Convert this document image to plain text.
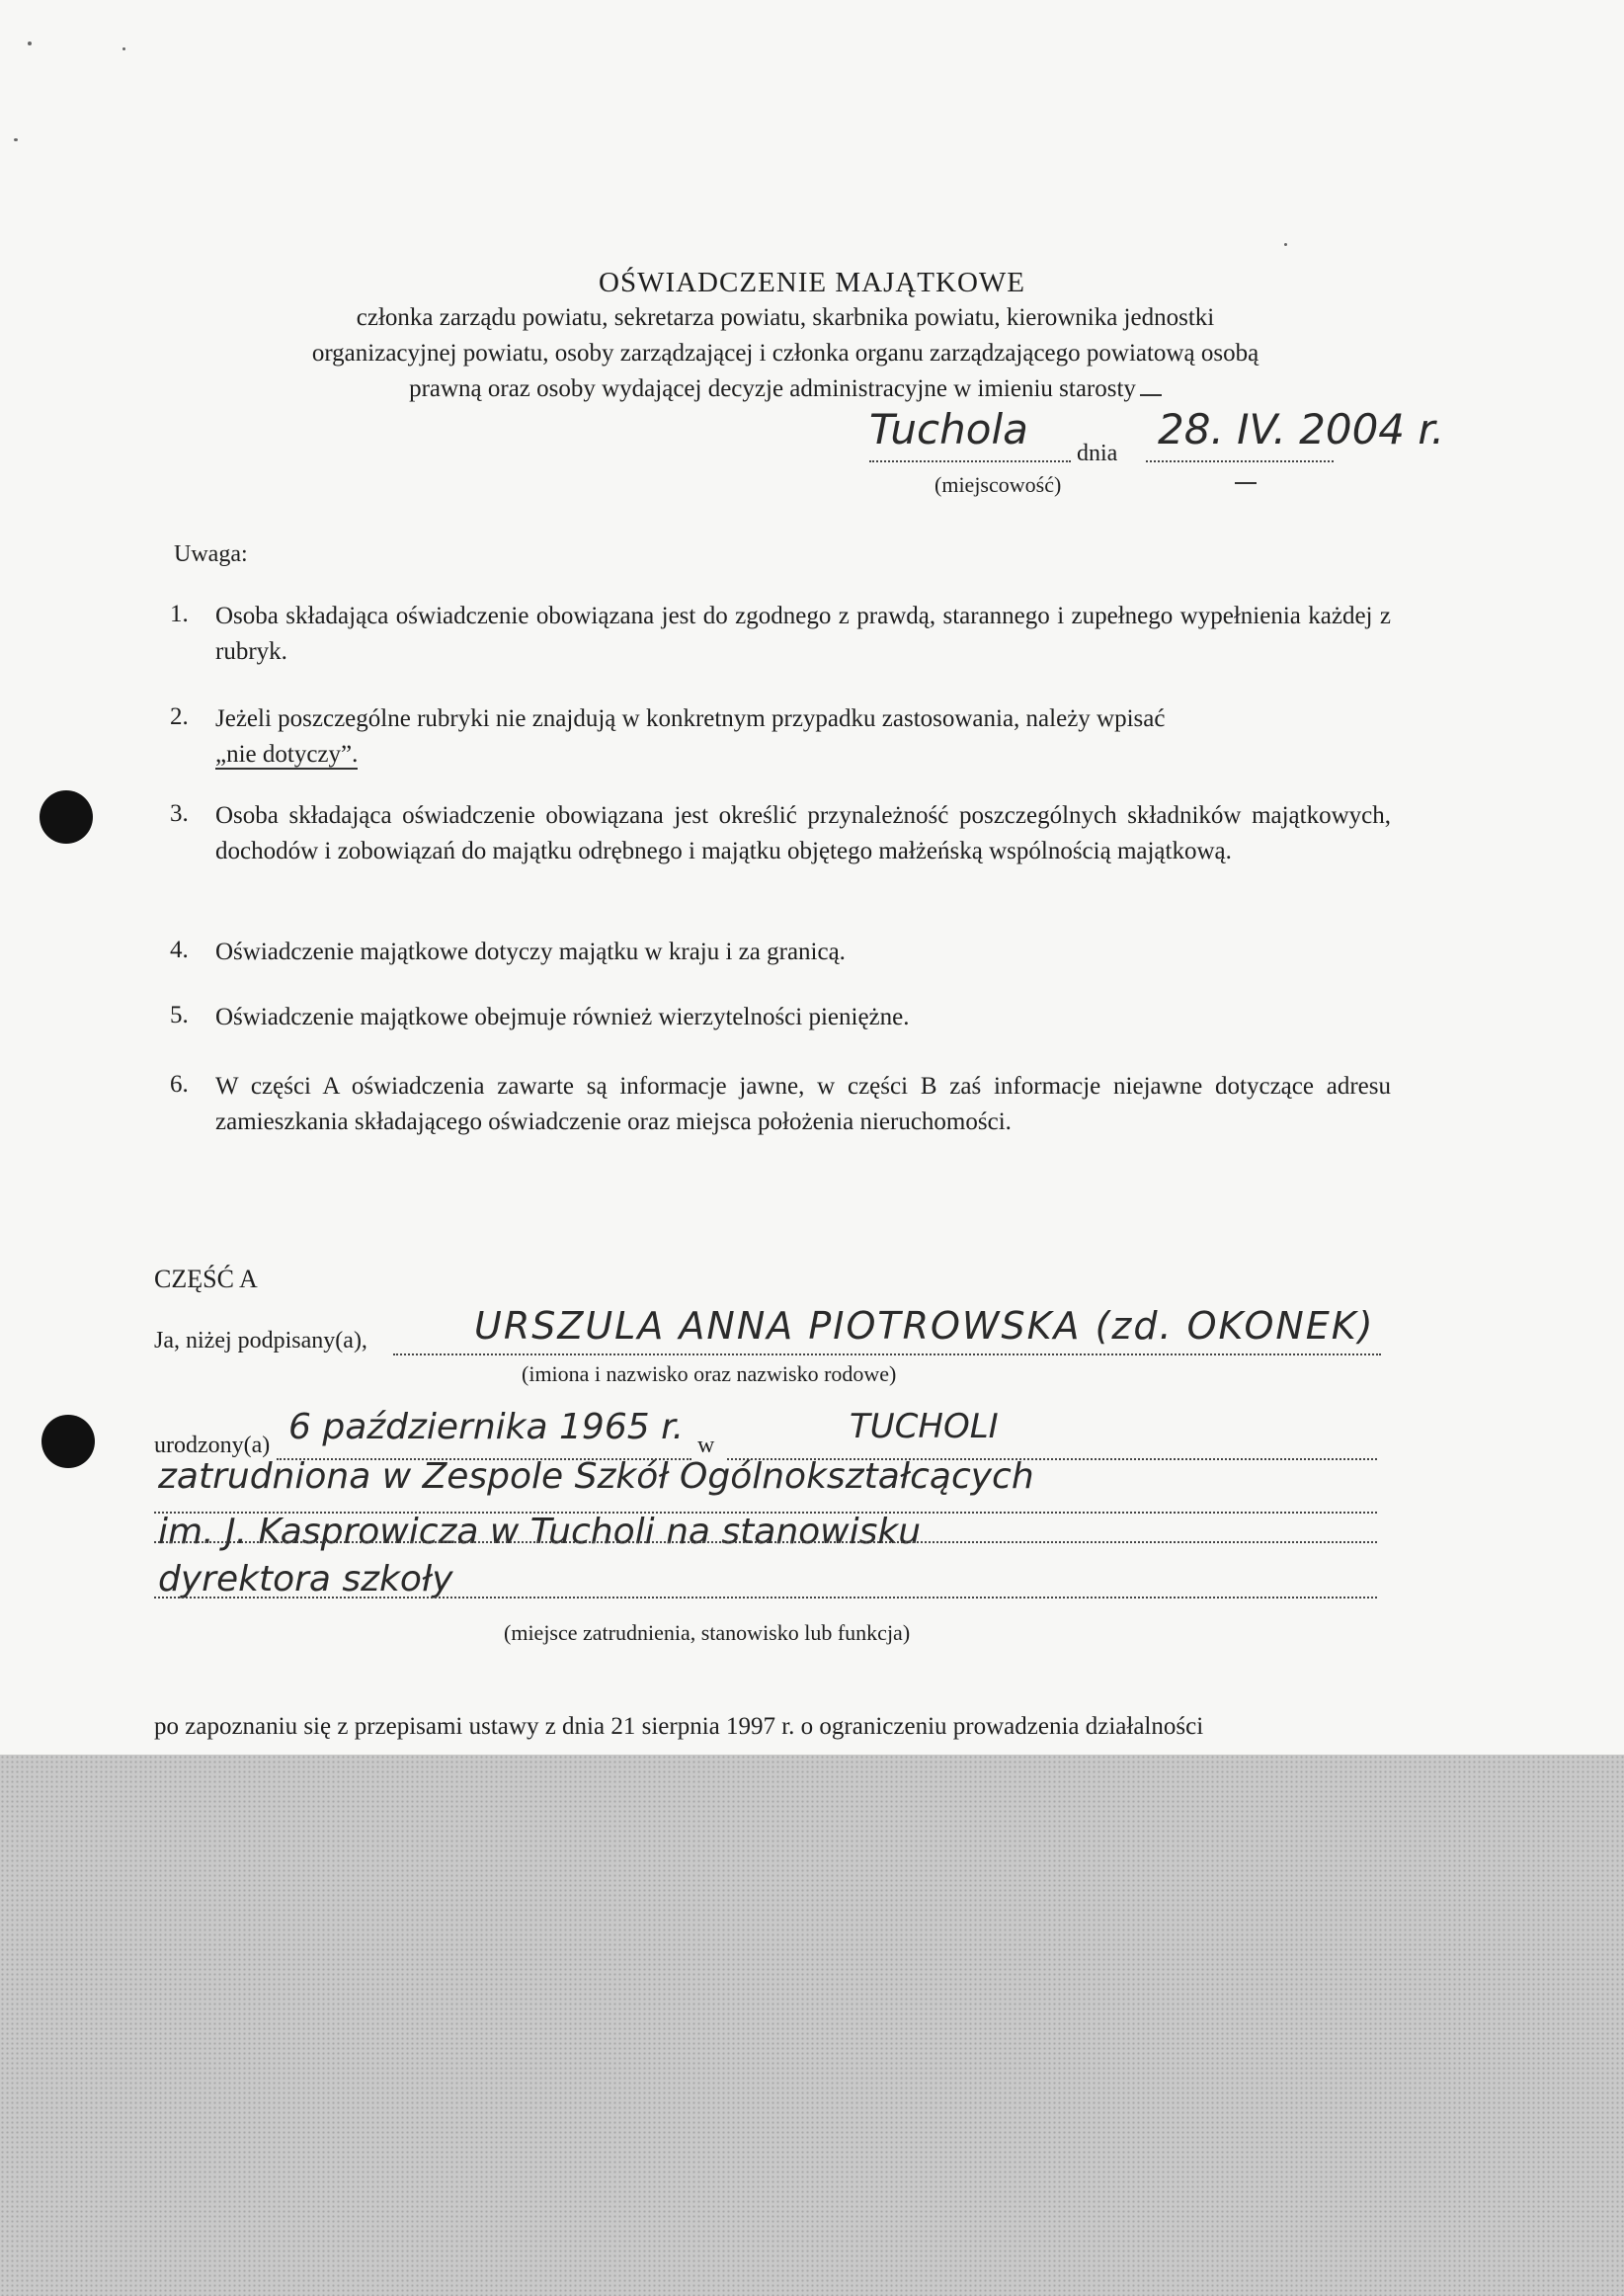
OŚWIADCZENIE MAJĄTKOWE
członka zarządu powiatu, sekretarza powiatu, skarbnika powiatu, kierownika jednostki
organizacyjnej powiatu, osoby zarządzającej i członka organu zarządzającego powiatową osobą
prawną oraz osoby wydającej decyzje administracyjne w imieniu starosty
Tuchola dnia 28. IV. 2004 r.
(miejscowość)
Uwaga:
1. Osoba składająca oświadczenie obowiązana jest do zgodnego z prawdą, starannego i zupełnego wypełnienia każdej z rubryk.
2. Jeżeli poszczególne rubryki nie znajdują w konkretnym przypadku zastosowania, należy wpisać
„nie dotyczy”.
3. Osoba składająca oświadczenie obowiązana jest określić przynależność poszczególnych składników majątkowych, dochodów i zobowiązań do majątku odrębnego i majątku objętego małżeńską wspólnością majątkową.
4. Oświadczenie majątkowe dotyczy majątku w kraju i za granicą.
5. Oświadczenie majątkowe obejmuje również wierzytelności pieniężne.
6. W części A oświadczenia zawarte są informacje jawne, w części B zaś informacje niejawne dotyczące adresu zamieszkania składającego oświadczenie oraz miejsca położenia nieruchomości.
CZĘŚĆ A
Ja, niżej podpisany(a),	URSZULA ANNA PIOTROWSKA (zd. OKONEK)
(imiona i nazwisko oraz nazwisko rodowe)
urodzony(a) 6 października 1965 r. w	TUCHOLI
zatrudniona w Zespole Szkół Ogólnokształcących
im. J. Kasprowicza w Tucholi na stanowisku
dyrektora szkoły
(miejsce zatrudnienia, stanowisko lub funkcja)
po zapoznaniu się z przepisami ustawy z dnia 21 sierpnia 1997 r. o ograniczeniu prowadzenia działalności
